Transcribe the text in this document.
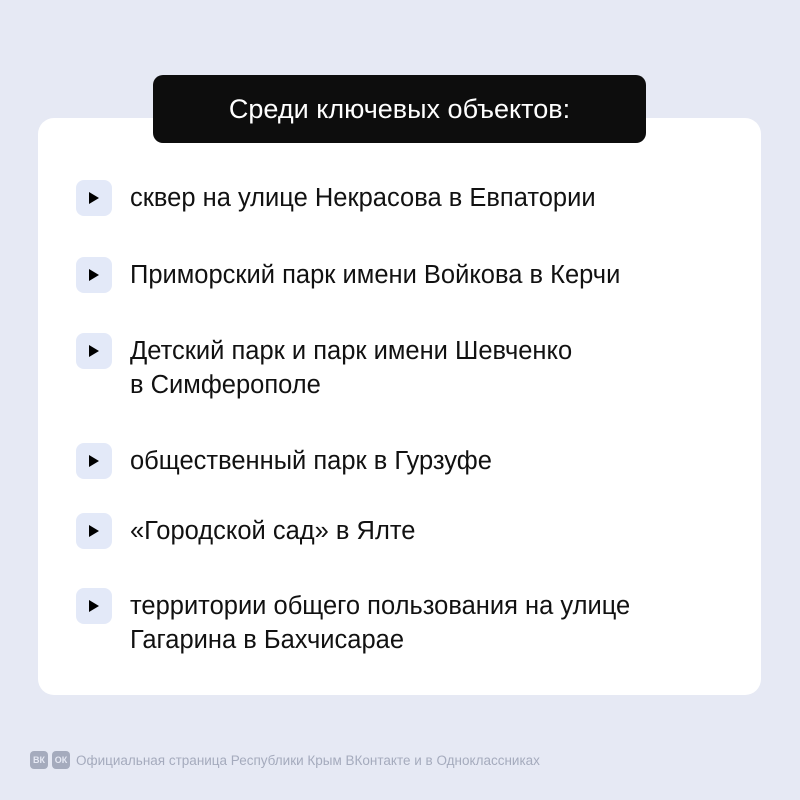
Среди ключевых объектов:
сквер на улице Некрасова в Евпатории
Приморский парк имени Войкова в Керчи
Детский парк и парк имени Шевченко
в Симферополе
общественный парк в Гурзуфе
«Городской сад» в Ялте
территории общего пользования на улице
Гагарина в Бахчисарае
ВК	ОК Официальная страница Республики Крым ВКонтакте и в Одноклассниках
